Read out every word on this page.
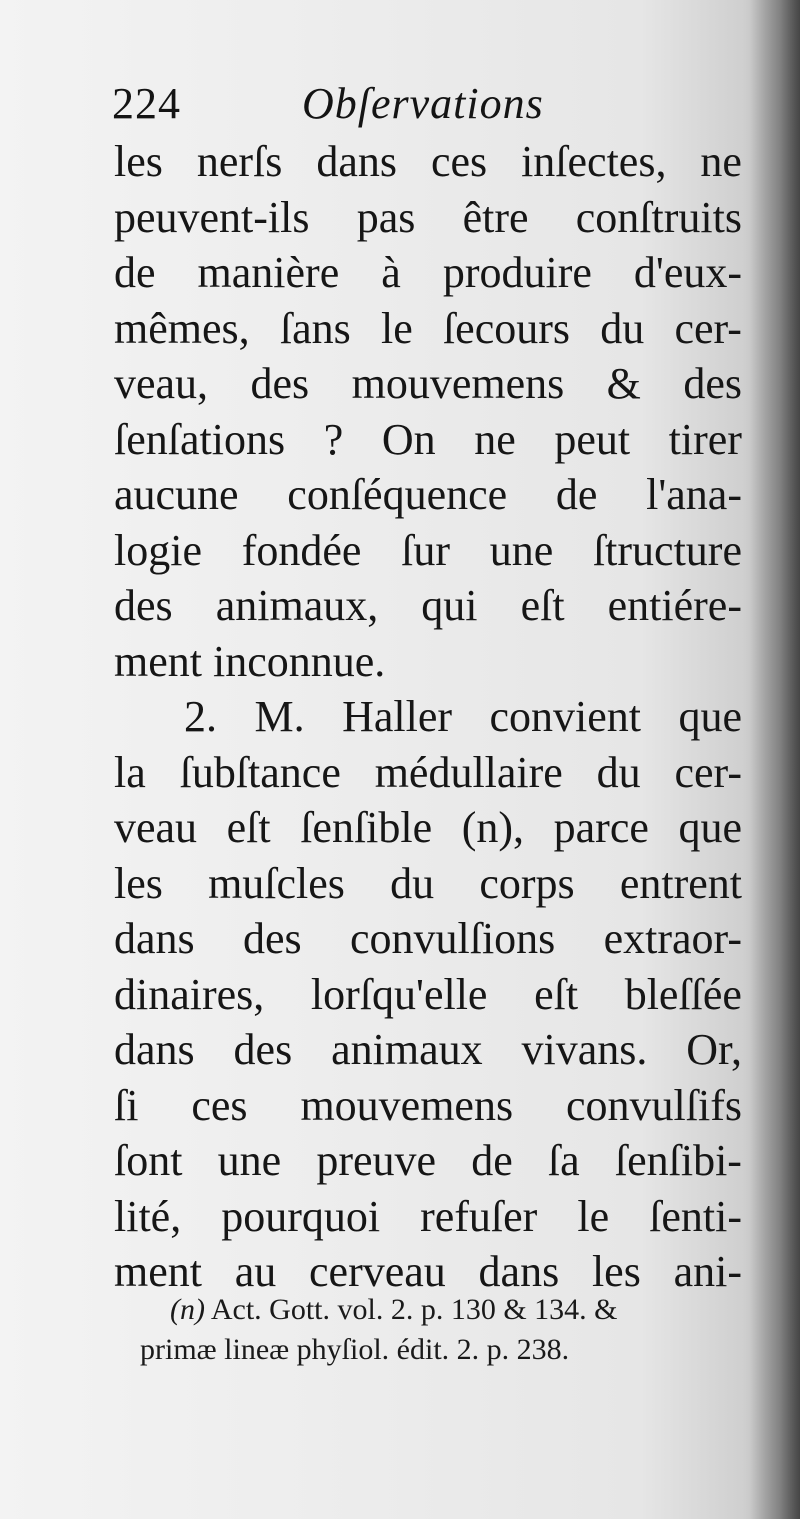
224	Obſervations
les nerſs dans ces inſectes, ne
peuvent-ils pas être conſtruits
de manière à produire d'eux-
mêmes, ſans le ſecours du cer-
veau, des mouvemens & des
ſenſations ? On ne peut tirer
aucune conſéquence de l'ana-
logie fondée ſur une ſtructure
des animaux, qui eſt entiére-
ment inconnue.
2. M. Haller convient que
la ſubſtance médullaire du cer-
veau eſt ſenſible (n), parce que
les muſcles du corps entrent
dans des convulſions extraor-
dinaires, lorſqu'elle eſt bleſſée
dans des animaux vivans. Or,
ſi ces mouvemens convulſifs
ſont une preuve de ſa ſenſibi-
lité, pourquoi refuſer le ſenti-
ment au cerveau dans les ani-
(n) Act. Gott. vol. 2. p. 130 & 134. &
primæ lineæ phyſiol. édit. 2. p. 238.
